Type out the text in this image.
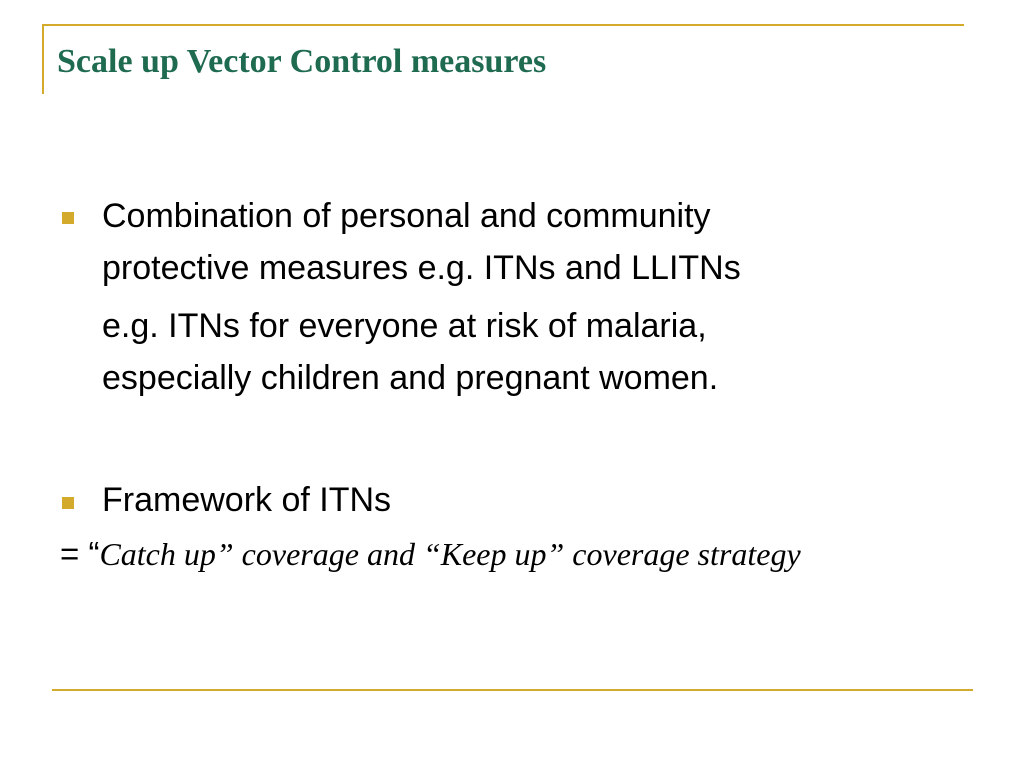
Scale up Vector Control measures

Combination of personal and community
protective measures e.g. ITNs and LLITNs

e.g. ITNs for everyone at risk of malaria,
especially children and pregnant women.

Framework of ITNs

= “Catch up” coverage and “Keep up” coverage strategy
